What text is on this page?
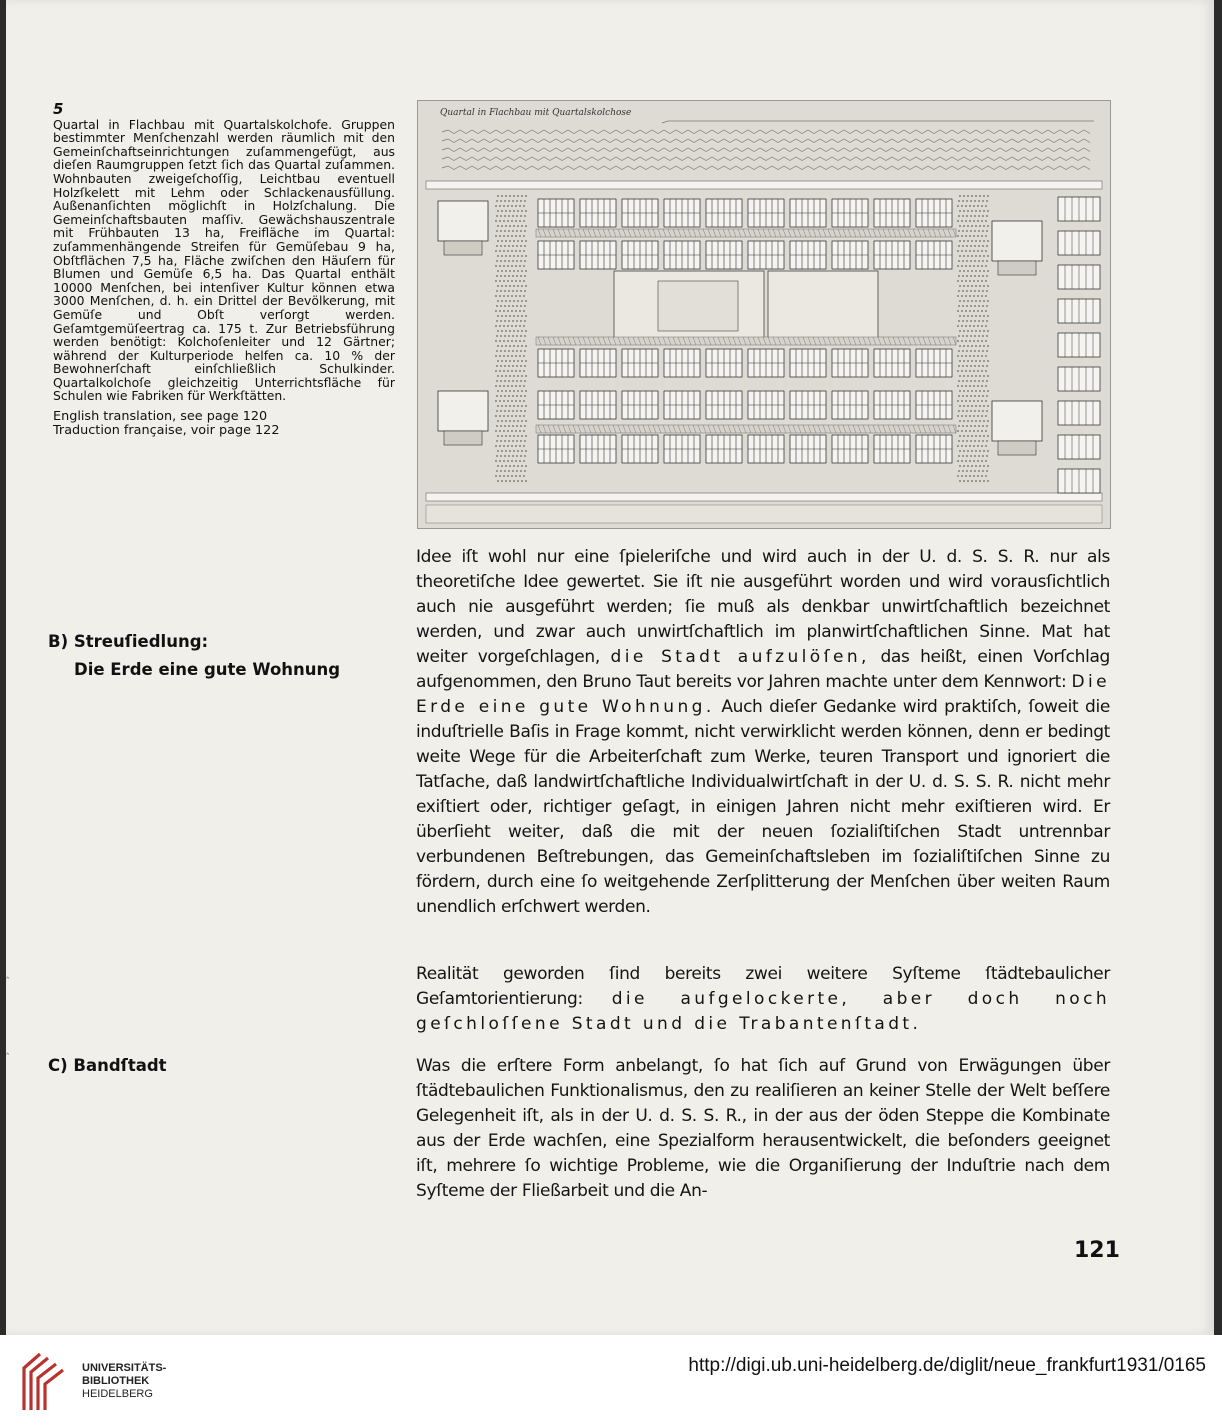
5
Quartal in Flachbau mit Quartalskolchofe. Gruppen bestimmter Menſchenzahl werden räumlich mit den Gemeinſchaftseinrichtungen zuſammengefügt, aus dieſen Raumgruppen ſetzt ſich das Quartal zuſammen. Wohnbauten zweigeſchoſſig, Leichtbau eventuell Holzſkelett mit Lehm oder Schlackenausfüllung. Außenanſichten möglichſt in Holzſchalung. Die Gemeinſchaftsbauten maſſiv. Gewächshauszentrale mit Frühbauten 13 ha, Freifläche im Quartal: zuſammenhängende Streifen für Gemüſebau 9 ha, Obſtflächen 7,5 ha, Fläche zwiſchen den Häuſern für Blumen und Gemüſe 6,5 ha. Das Quartal enthält 10000 Menſchen, bei intenſiver Kultur können etwa 3000 Menſchen, d. h. ein Drittel der Bevölkerung, mit Gemüſe und Obſt verſorgt werden. Geſamtgemüſeertrag ca. 175 t. Zur Betriebsführung werden benötigt: Kolchoſenleiter und 12 Gärtner; während der Kulturperiode helfen ca. 10 % der Bewohnerſchaft einſchließlich Schulkinder. Quartalkolchoſe gleichzeitig Unterrichtsfläche für Schulen wie Fabriken für Werkſtätten.
English translation, see page 120
Traduction française, voir page 122
Quartal in Flachbau mit Quartalskolchose
B) Streuſiedlung:
Die Erde eine gute Wohnung
C) Bandſtadt
‸
‸

Idee iſt wohl nur eine ſpieleriſche und wird auch in der U. d. S. S. R. nur als theoretiſche Idee gewertet. Sie iſt nie ausgeführt worden und wird vorausſichtlich auch nie ausgeführt werden; ſie muß als denkbar unwirtſchaftlich bezeichnet werden, und zwar auch unwirtſchaftlich im planwirtſchaftlichen Sinne. Mat hat weiter vorgeſchlagen, die Stadt aufzulöſen, das heißt, einen Vorſchlag aufgenommen, den Bruno Taut bereits vor Jahren machte unter dem Kennwort: Die Erde eine gute Wohnung. Auch dieſer Gedanke wird praktiſch, ſoweit die induſtrielle Baſis in Frage kommt, nicht verwirklicht werden können, denn er bedingt weite Wege für die Arbeiterſchaft zum Werke, teuren Transport und ignoriert die Tatſache, daß landwirtſchaftliche Individualwirtſchaft in der U. d. S. S. R. nicht mehr exiſtiert oder, richtiger geſagt, in einigen Jahren nicht mehr exiſtieren wird. Er überſieht weiter, daß die mit der neuen ſozialiſtiſchen Stadt untrennbar verbundenen Beſtrebungen, das Gemeinſchaftsleben im ſozialiſtiſchen Sinne zu fördern, durch eine ſo weitgehende Zerſplitterung der Menſchen über weiten Raum unendlich erſchwert werden.

Realität geworden ſind bereits zwei weitere Syſteme ſtädtebaulicher Geſamtorientierung: die aufgelockerte, aber doch noch geſchloſſene Stadt und die Trabantenſtadt.

Was die erſtere Form anbelangt, ſo hat ſich auf Grund von Erwägungen über ſtädtebaulichen Funktionalismus, den zu realiſieren an keiner Stelle der Welt beſſere Gelegenheit iſt, als in der U. d. S. S. R., in der aus der öden Steppe die Kombinate aus der Erde wachſen, eine Spezialform herausentwickelt, die beſonders geeignet iſt, mehrere ſo wichtige Probleme, wie die Organiſierung der Induſtrie nach dem Syſteme der Fließarbeit und die An-

121
UNIVERSITÄTS-
BIBLIOTHEK
HEIDELBERG
http://digi.ub.uni-heidelberg.de/diglit/neue_frankfurt1931/0165
